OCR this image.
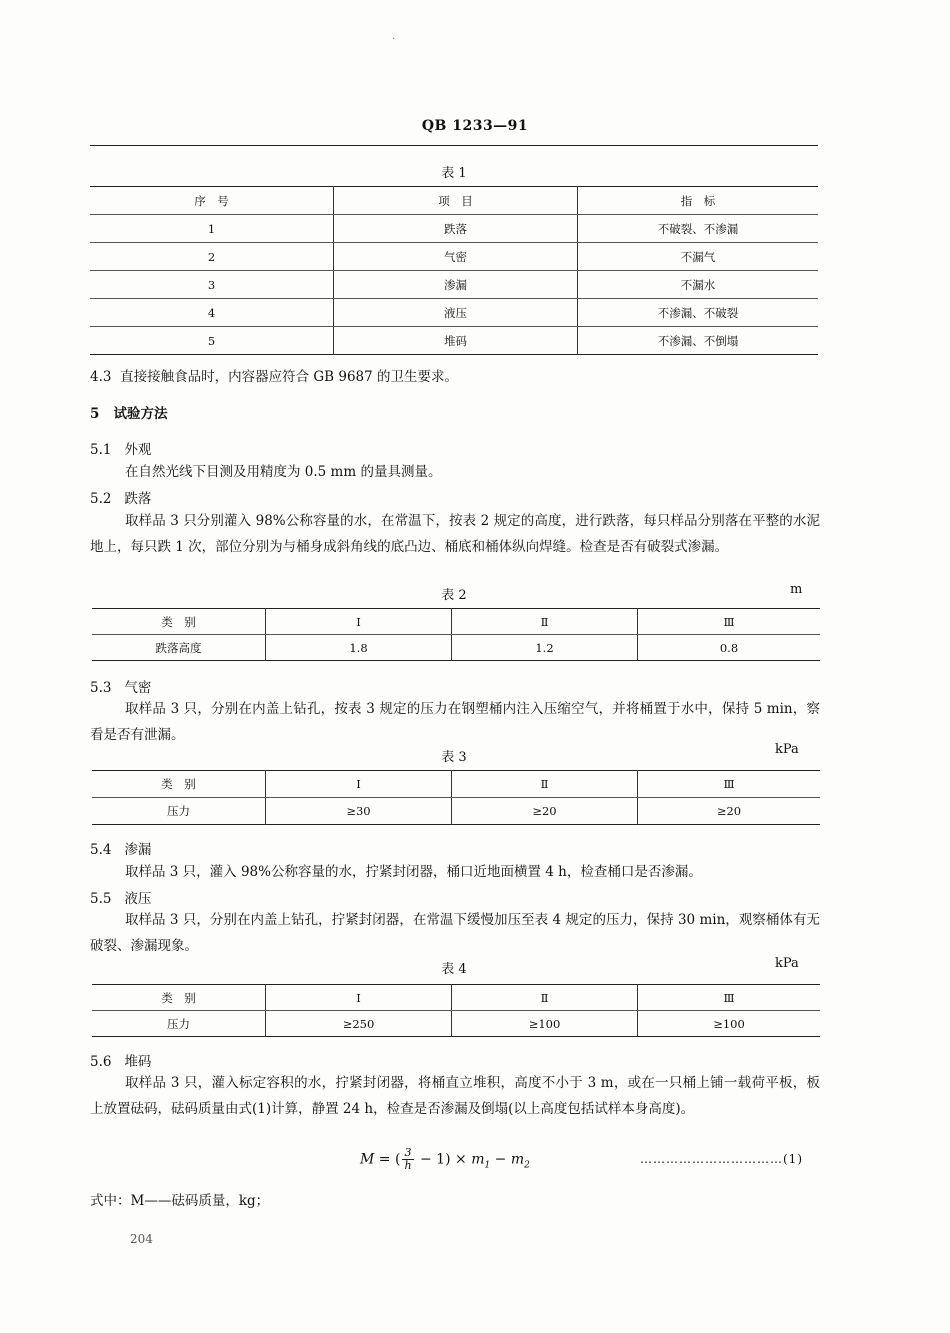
·
QB 1233—91
表 1
序　号	项　目	指　标
1	跌落	不破裂、不渗漏
2	气密	不漏气
3	渗漏	不漏水
4	液压	不渗漏、不破裂
5	堆码	不渗漏、不倒塌
4.3 直接接触食品时，内容器应符合 GB 9687 的卫生要求。
5 试验方法
5.1 外观
在自然光线下目测及用精度为 0.5 mm 的量具测量。
5.2 跌落
取样品 3 只分别灌入 98%公称容量的水，在常温下，按表 2 规定的高度，进行跌落，每只样品分别落在平整的水泥地上，每只跌 1 次，部位分别为与桶身成斜角线的底凸边、桶底和桶体纵向焊缝。检查是否有破裂式渗漏。
表 2	m
类　别	Ⅰ	Ⅱ	Ⅲ
跌落高度	1.8	1.2	0.8
5.3 气密
取样品 3 只，分别在内盖上钻孔，按表 3 规定的压力在钢塑桶内注入压缩空气，并将桶置于水中，保持 5 min，察看是否有泄漏。
表 3
kPa
类　别	Ⅰ	Ⅱ	Ⅲ
压力	≥30	≥20	≥20
5.4 渗漏
取样品 3 只，灌入 98%公称容量的水，拧紧封闭器，桶口近地面横置 4 h，检查桶口是否渗漏。
5.5 液压
取样品 3 只，分别在内盖上钻孔，拧紧封闭器，在常温下缓慢加压至表 4 规定的压力，保持 30 min，观察桶体有无破裂、渗漏现象。
表 4	kPa
类　别	Ⅰ	Ⅱ	Ⅲ
压力	≥250	≥100	≥100
5.6 堆码
取样品 3 只，灌入标定容积的水，拧紧封闭器，将桶直立堆积，高度不小于 3 m，或在一只桶上铺一载荷平板，板上放置砝码，砝码质量由式(1)计算，静置 24 h，检查是否渗漏及倒塌(以上高度包括试样本身高度)。
M = ( $\frac{3}{h} - 1) \times m_1 - m_2$	……………………………(1)
式中：M——砝码质量，kg；
204
